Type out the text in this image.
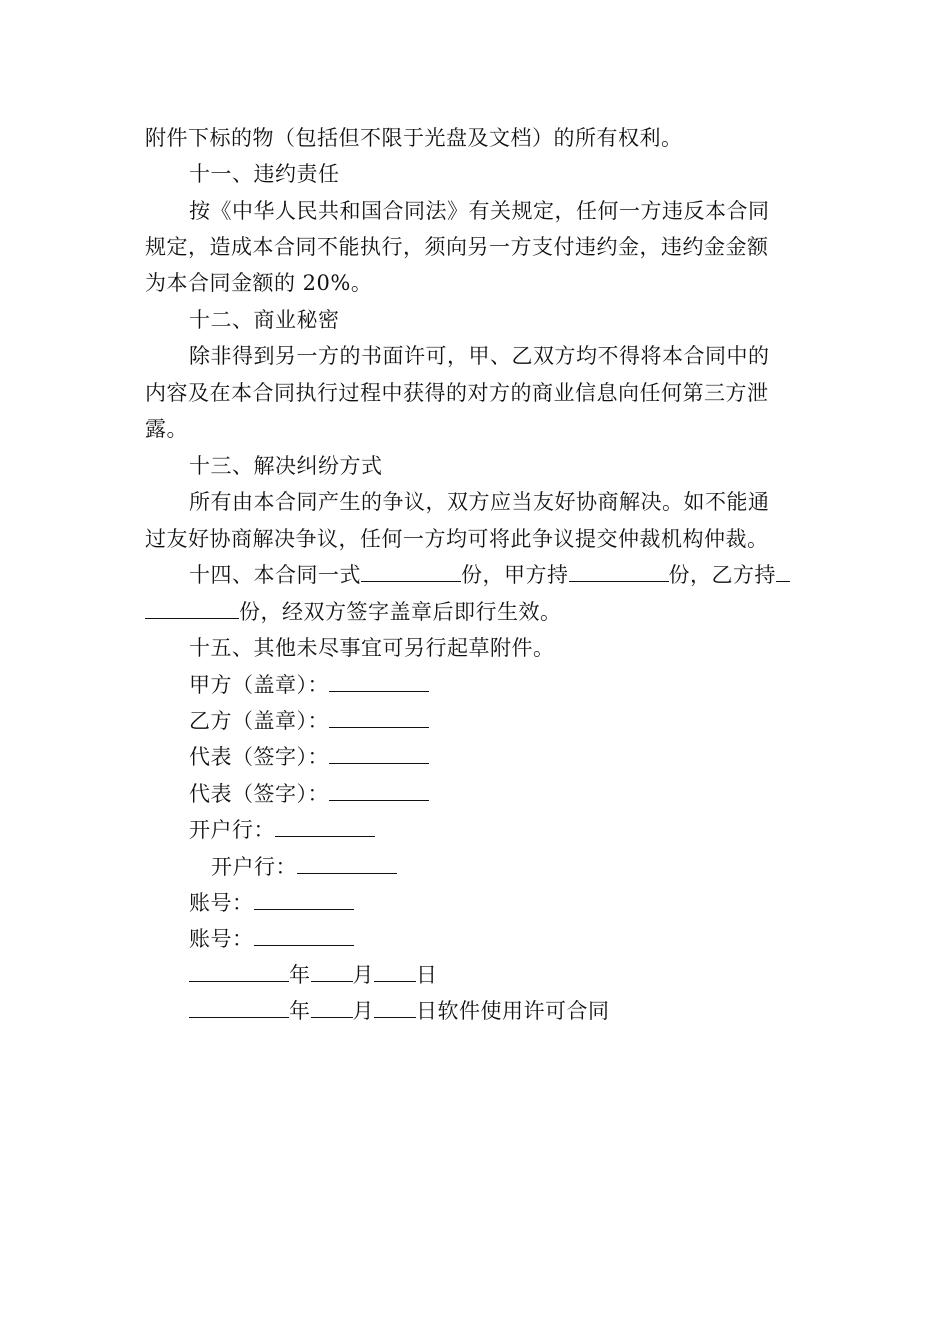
附件下标的物（包括但不限于光盘及文档）的所有权利。
十一、违约责任
按《中华人民共和国合同法》有关规定，任何一方违反本合同
规定，造成本合同不能执行，须向另一方支付违约金，违约金金额
为本合同金额的 20%。
十二、商业秘密
除非得到另一方的书面许可，甲、乙双方均不得将本合同中的
内容及在本合同执行过程中获得的对方的商业信息向任何第三方泄
露。
十三、解决纠纷方式
所有由本合同产生的争议，双方应当友好协商解决。如不能通
过友好协商解决争议，任何一方均可将此争议提交仲裁机构仲裁。
十四、本合同一式	份，甲方持	份，乙方持
份，经双方签字盖章后即行生效。
十五、其他未尽事宜可另行起草附件。
甲方（盖章）：
乙方（盖章）：
代表（签字）：
代表（签字）：
开户行：
开户行：
账号：
账号：
年 月 日
年 月 日软件使用许可合同
